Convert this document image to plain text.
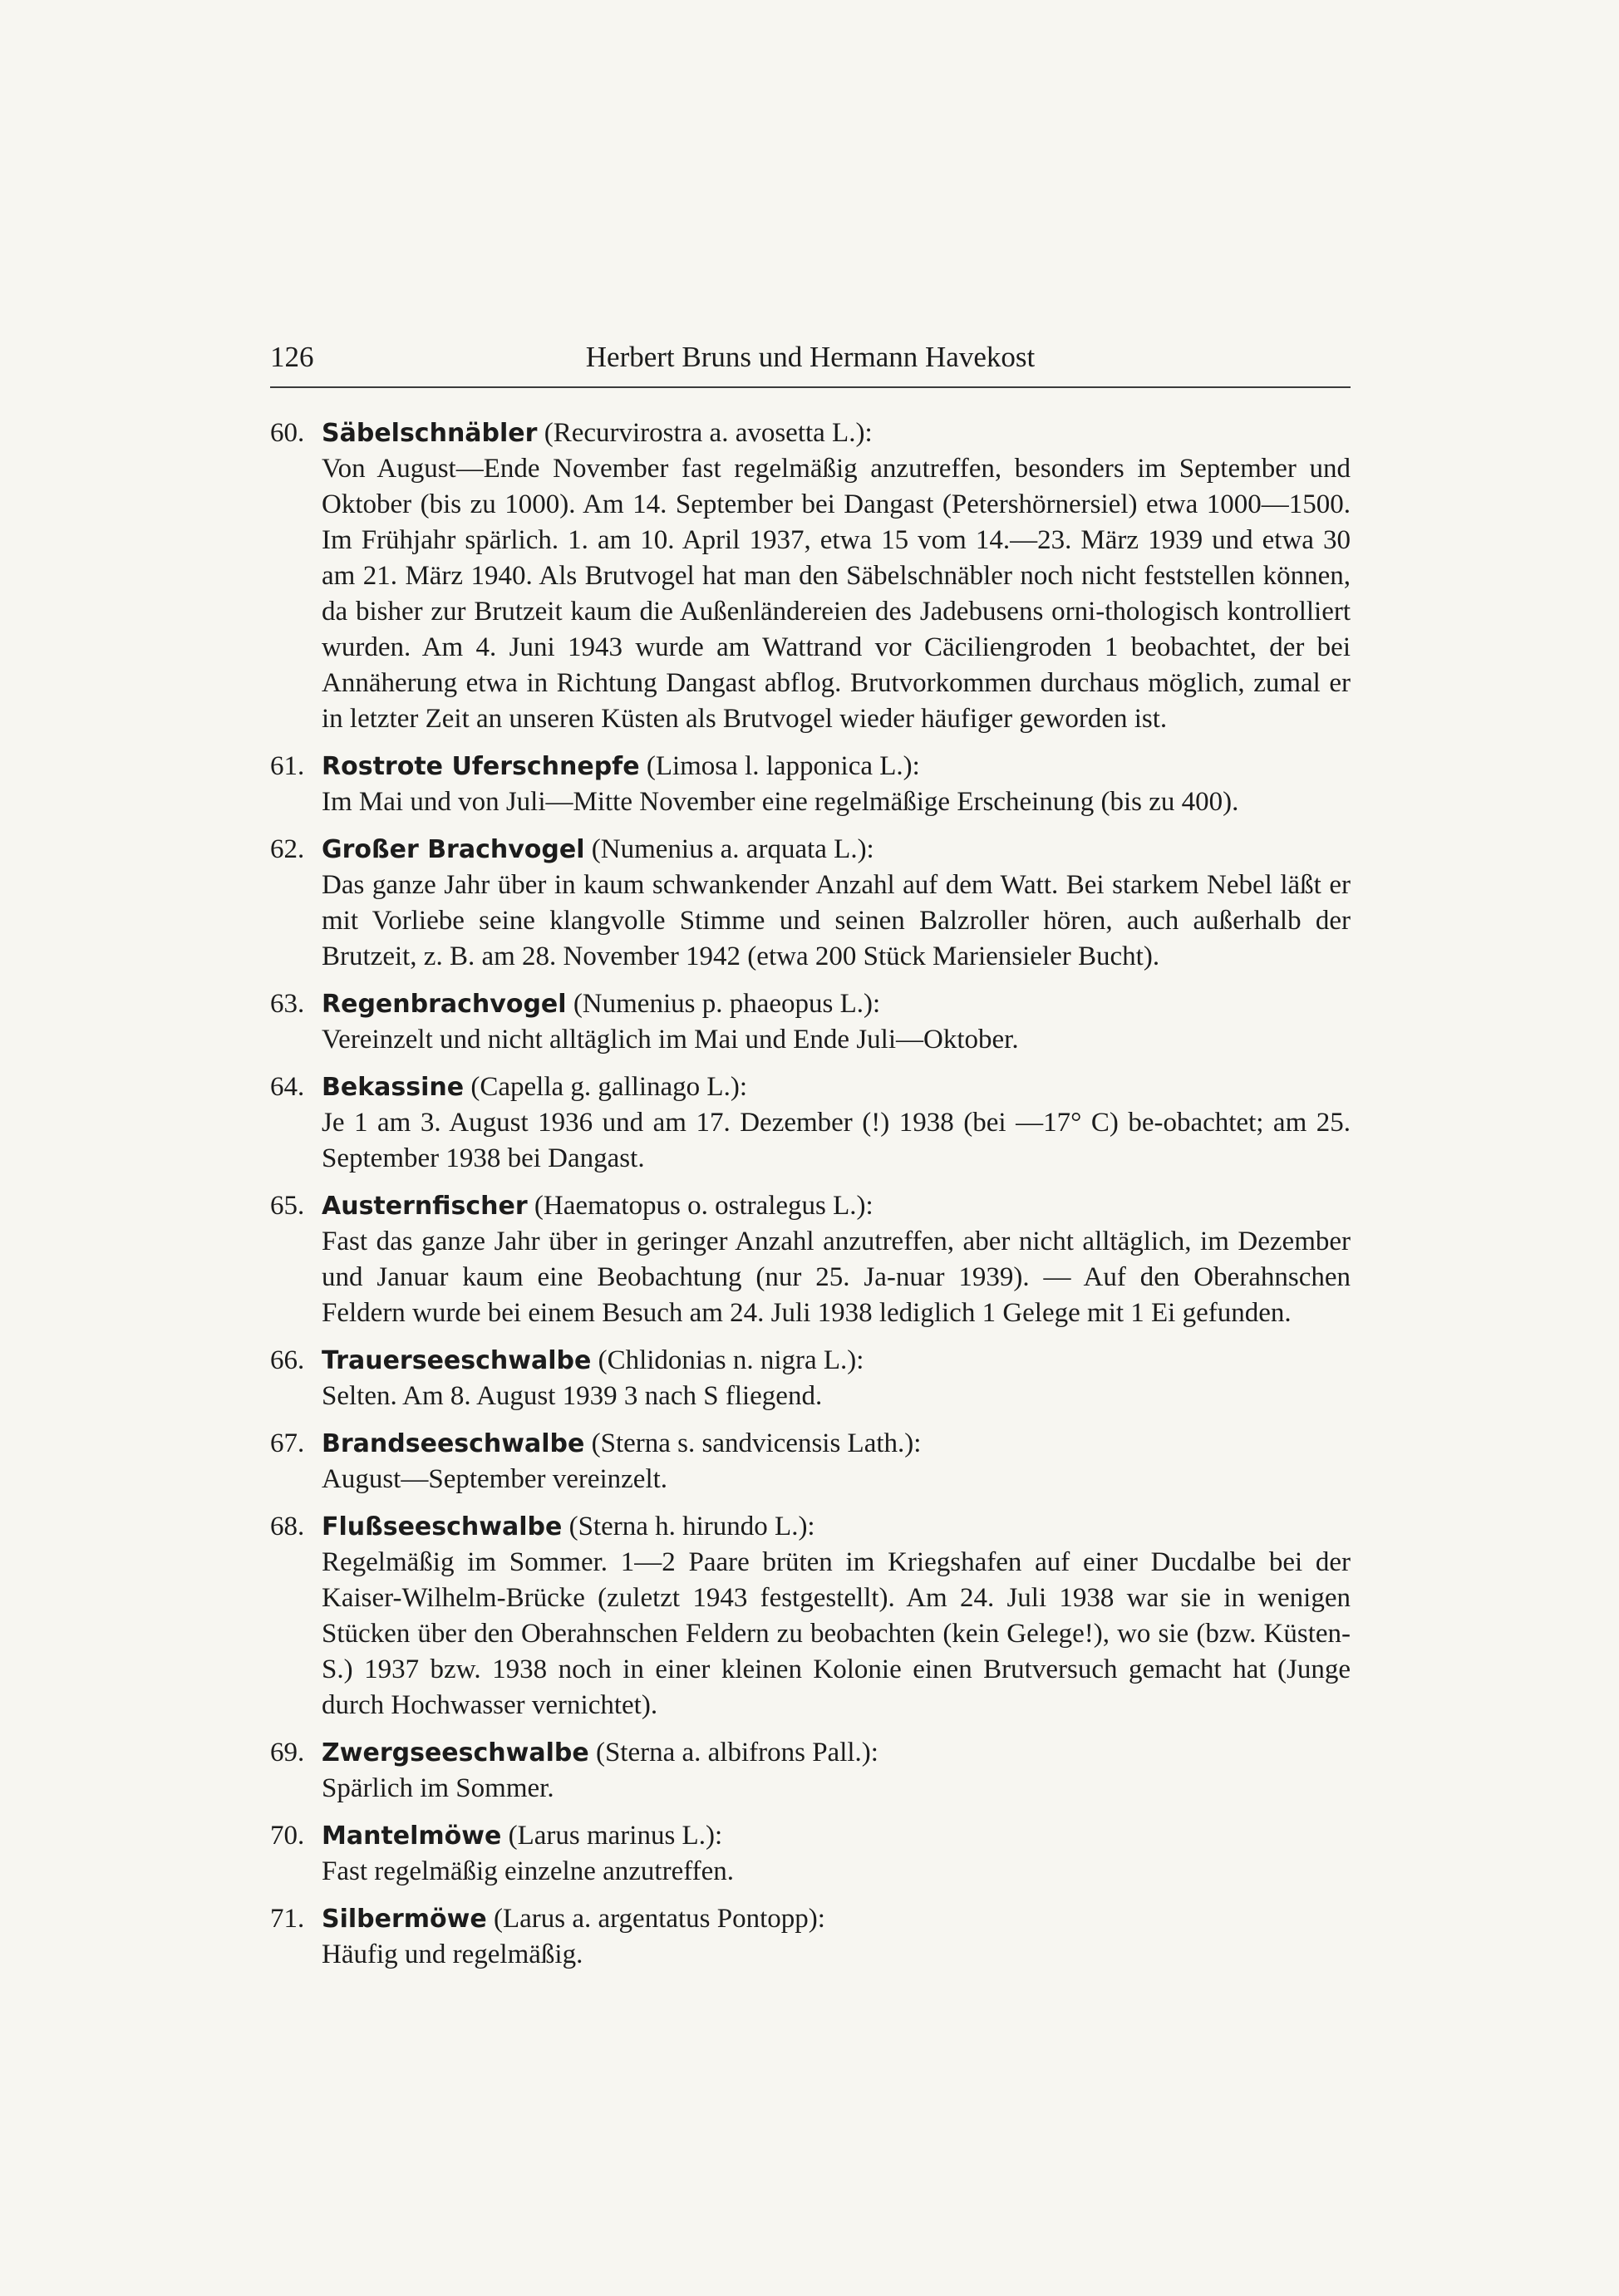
126	Herbert Bruns und Hermann Havekost
60. Säbelschnäbler (Recurvirostra a. avosetta L.):
Von August—Ende November fast regelmäßig anzutreffen, besonders im September und Oktober (bis zu 1000). Am 14. September bei Dangast (Petershörnersiel) etwa 1000—1500. Im Frühjahr spärlich. 1. am 10. April 1937, etwa 15 vom 14.—23. März 1939 und etwa 30 am 21. März 1940. Als Brutvogel hat man den Säbelschnäbler noch nicht feststellen können, da bisher zur Brutzeit kaum die Außenländereien des Jadebusens orni-thologisch kontrolliert wurden. Am 4. Juni 1943 wurde am Wattrand vor Cäciliengroden 1 beobachtet, der bei Annäherung etwa in Richtung Dangast abflog. Brutvorkommen durchaus möglich, zumal er in letzter Zeit an unseren Küsten als Brutvogel wieder häufiger geworden ist.
61. Rostrote Uferschnepfe (Limosa l. lapponica L.):
Im Mai und von Juli—Mitte November eine regelmäßige Erscheinung (bis zu 400).
62. Großer Brachvogel (Numenius a. arquata L.):
Das ganze Jahr über in kaum schwankender Anzahl auf dem Watt. Bei starkem Nebel läßt er mit Vorliebe seine klangvolle Stimme und seinen Balzroller hören, auch außerhalb der Brutzeit, z. B. am 28. November 1942 (etwa 200 Stück Mariensieler Bucht).
63. Regenbrachvogel (Numenius p. phaeopus L.):
Vereinzelt und nicht alltäglich im Mai und Ende Juli—Oktober.
64. Bekassine (Capella g. gallinago L.):
Je 1 am 3. August 1936 und am 17. Dezember (!) 1938 (bei —17° C) be-obachtet; am 25. September 1938 bei Dangast.
65. Austernfischer (Haematopus o. ostralegus L.):
Fast das ganze Jahr über in geringer Anzahl anzutreffen, aber nicht alltäglich, im Dezember und Januar kaum eine Beobachtung (nur 25. Ja-nuar 1939). — Auf den Oberahnschen Feldern wurde bei einem Besuch am 24. Juli 1938 lediglich 1 Gelege mit 1 Ei gefunden.
66. Trauerseeschwalbe (Chlidonias n. nigra L.):
Selten. Am 8. August 1939 3 nach S fliegend.
67. Brandseeschwalbe (Sterna s. sandvicensis Lath.):
August—September vereinzelt.
68. Flußseeschwalbe (Sterna h. hirundo L.):
Regelmäßig im Sommer. 1—2 Paare brüten im Kriegshafen auf einer Ducdalbe bei der Kaiser-Wilhelm-Brücke (zuletzt 1943 festgestellt). Am 24. Juli 1938 war sie in wenigen Stücken über den Oberahnschen Feldern zu beobachten (kein Gelege!), wo sie (bzw. Küsten-S.) 1937 bzw. 1938 noch in einer kleinen Kolonie einen Brutversuch gemacht hat (Junge durch Hochwasser vernichtet).
69. Zwergseeschwalbe (Sterna a. albifrons Pall.):
Spärlich im Sommer.
70. Mantelmöwe (Larus marinus L.):
Fast regelmäßig einzelne anzutreffen.
71. Silbermöwe (Larus a. argentatus Pontopp):
Häufig und regelmäßig.
